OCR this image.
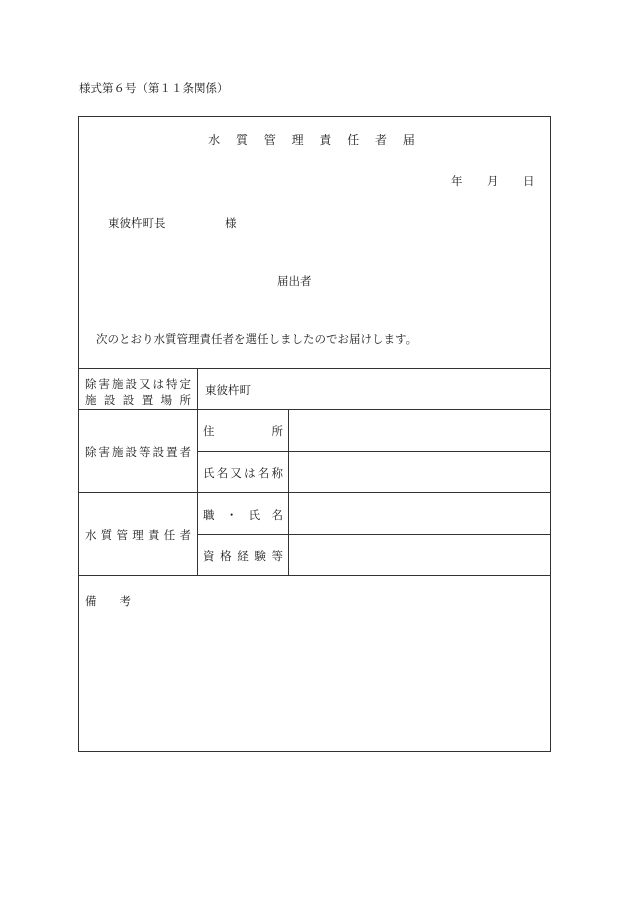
様式第６号（第１１条関係）
水 質 管 理 責 任 者 届
年 月 日
東彼杵町長	様
届出者
次のとおり水質管理責任者を選任しましたのでお届けします。
除害施設又は特定
施 設 設 置 場 所
東彼杵町
除害施設等設置者
住　　　　所
氏名又は名称
水 質 管 理 責 任 者
職 ・ 氏 名
資 格 経 験 等
備　　考
